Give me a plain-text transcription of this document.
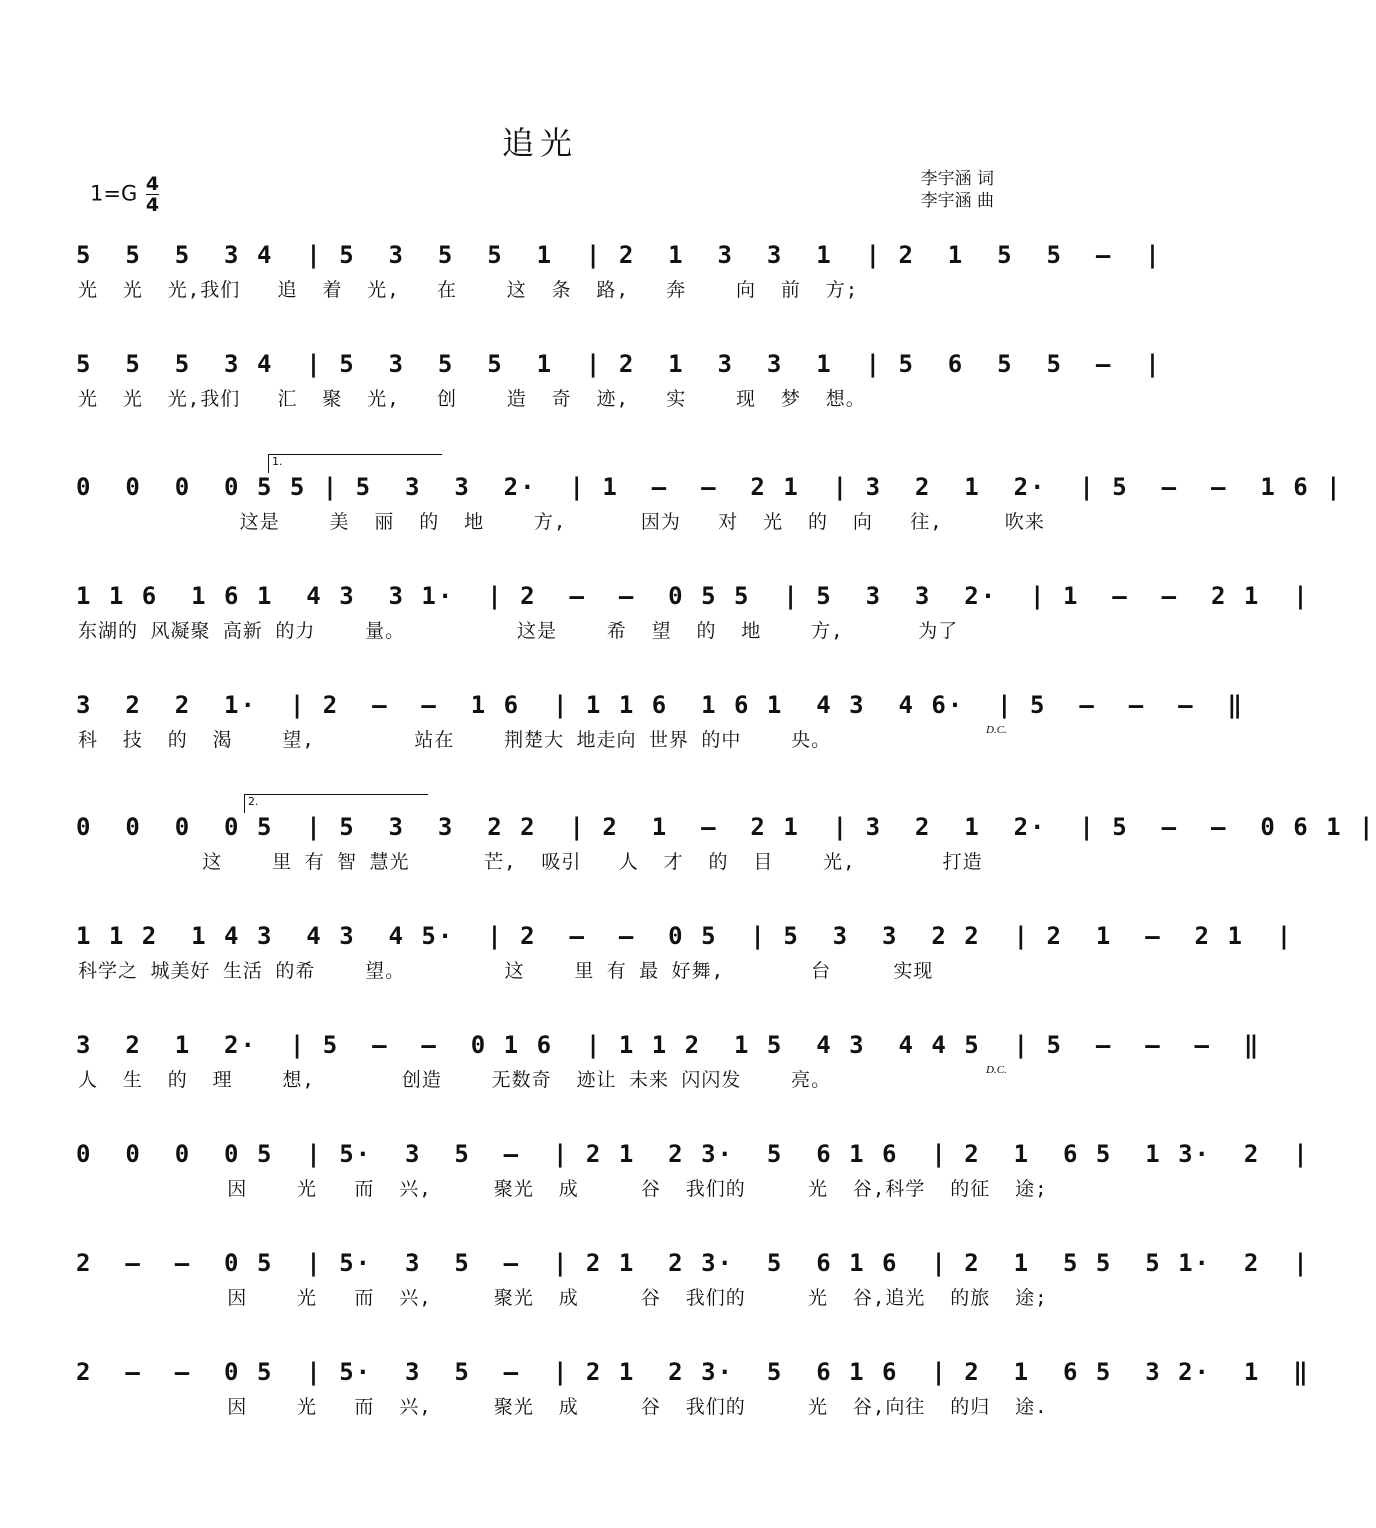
追光
$1=G \frac{4}{4}$	李宇涵 词
李宇涵 曲
5  5  5  3 4  | 5  3  5  5  1  | 2  1  3  3  1  | 2  1  5  5  –  |
光  光  光,我们   追  着  光,   在    这  条  路,   奔    向  前  方;
5  5  5  3 4  | 5  3  5  5  1  | 2  1  3  3  1  | 5  6  5  5  –  |
光  光  光,我们   汇  聚  光,   创    造  奇  迹,   实    现  梦  想。
1.
0  0  0  0 5 5 | 5  3  3  2·  | 1  –  –  2 1  | 3  2  1  2·  | 5  –  –  1 6 |
这是    美  丽  的  地    方,      因为   对  光  的  向   往,     吹来
1 1 6  1 6 1  4 3  3 1·  | 2  –  –  0 5 5  | 5  3  3  2·  | 1  –  –  2 1  |
东湖的 风凝聚 高新 的力    量。         这是    希  望  的  地    方,      为了
3  2  2  1·  | 2  –  –  1 6  | 1 1 6  1 6 1  4 3  4 6·  | 5  –  –  –  ‖
科  技  的  渴    望,        站在    荆楚大 地走向 世界 的中    央。	D.C.
2.
0  0  0  0 5  | 5  3  3  2 2  | 2  1  –  2 1  | 3  2  1  2·  | 5  –  –  0 6 1 |
这    里 有 智 慧光      芒,  吸引   人  才  的  目    光,       打造
1 1 2  1 4 3  4 3  4 5·  | 2  –  –  0 5  | 5  3  3  2 2  | 2  1  –  2 1  |
科学之 城美好 生活 的希    望。        这    里 有 最 好舞,       台     实现
3  2  1  2·  | 5  –  –  0 1 6  | 1 1 2  1 5  4 3  4 4 5  | 5  –  –  –  ‖
人  生  的  理    想,       创造    无数奇  迹让 未来 闪闪发    亮。	D.C.
0  0  0  0 5  | 5·  3  5  –  | 2 1  2 3·  5  6 1 6  | 2  1  6 5  1 3·  2  |
因    光   而  兴,     聚光  成     谷  我们的     光  谷,科学  的征  途;
2  –  –  0 5  | 5·  3  5  –  | 2 1  2 3·  5  6 1 6  | 2  1  5 5  5 1·  2  |
因    光   而  兴,     聚光  成     谷  我们的     光  谷,追光  的旅  途;
2  –  –  0 5  | 5·  3  5  –  | 2 1  2 3·  5  6 1 6  | 2  1  6 5  3 2·  1  ‖
因    光   而  兴,     聚光  成     谷  我们的     光  谷,向往  的归  途.
